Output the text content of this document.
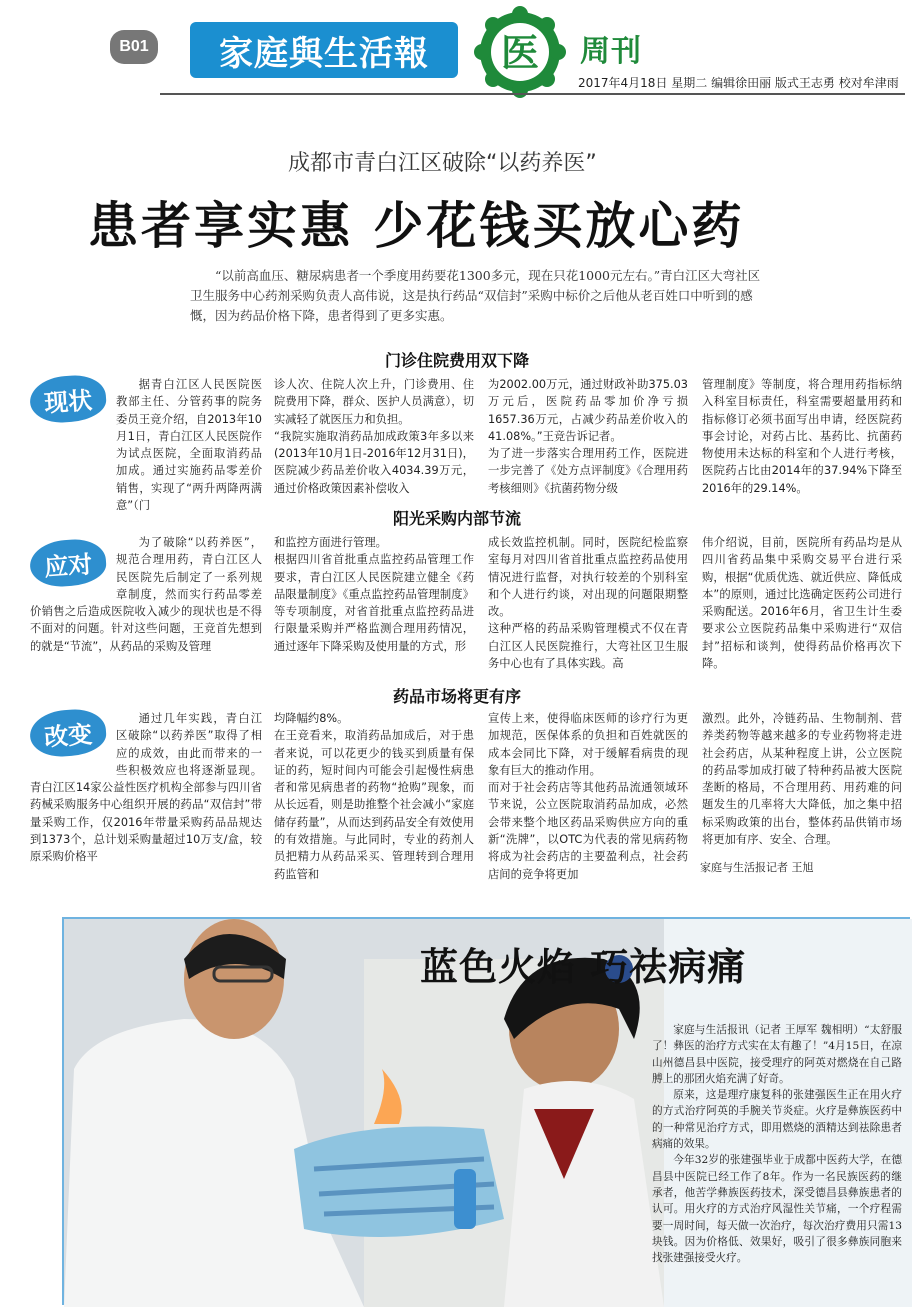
B01	家庭與生活報	医 周刊
2017年4月18日 星期二 编辑徐田丽 版式王志勇 校对牟津雨
成都市青白江区破除“以药养医”
患者享实惠 少花钱买放心药
“以前高血压、糖尿病患者一个季度用药要花1300多元，现在只花1000元左右。”青白江区大弯社区卫生服务中心药剂采购负责人高伟说，这是执行药品“双信封”采购中标价之后他从老百姓口中听到的感慨，因为药品价格下降，患者得到了更多实惠。
门诊住院费用双下降
现状
据青白江区人民医院医教部主任、分管药事的院务委员王竞介绍，自2013年10月1日，青白江区人民医院作为试点医院，全面取消药品加成。通过实施药品零差价销售，实现了“两升两降两满意”（门
诊人次、住院人次上升，门诊费用、住院费用下降，群众、医护人员满意），切实减轻了就医压力和负担。
“我院实施取消药品加成政策3年多以来(2013年10月1日-2016年12月31日)，医院减少药品差价收入4034.39万元，通过价格政策因素补偿收入
为2002.00万元，通过财政补助375.03万元后，医院药品零加价净亏损1657.36万元，占减少药品差价收入的41.08%。”王竞告诉记者。
为了进一步落实合理用药工作，医院进一步完善了《处方点评制度》《合理用药考核细则》《抗菌药物分级
管理制度》等制度，将合理用药指标纳入科室目标责任，科室需要超量用药和指标修订必须书面写出申请，经医院药事会讨论，对药占比、基药比、抗菌药物使用未达标的科室和个人进行考核，医院药占比由2014年的37.94%下降至2016年的29.14%。
阳光采购内部节流
应对
为了破除“以药养医”，规范合理用药，青白江区人民医院先后制定了一系列规章制度，然而实行药品零差价销售之后造成医院收入减少的现状也是不得不面对的问题。针对这些问题，王竞首先想到的就是“节流”，从药品的采购及管理
和监控方面进行管理。
根据四川省首批重点监控药品管理工作要求，青白江区人民医院建立健全《药品限量制度》《重点监控药品管理制度》等专项制度，对省首批重点监控药品进行限量采购并严格监测合理用药情况，通过逐年下降采购及使用量的方式，形
成长效监控机制。同时，医院纪检监察室每月对四川省首批重点监控药品使用情况进行监督，对执行较差的个别科室和个人进行约谈，对出现的问题限期整改。
这种严格的药品采购管理模式不仅在青白江区人民医院推行，大弯社区卫生服务中心也有了具体实践。高
伟介绍说，目前，医院所有药品均是从四川省药品集中采购交易平台进行采购，根据“优质优选、就近供应、降低成本”的原则，通过比选确定医药公司进行采购配送。2016年6月，省卫生计生委要求公立医院药品集中采购进行“双信封”招标和谈判，使得药品价格再次下降。
药品市场将更有序
改变
通过几年实践，青白江区破除“以药养医”取得了相应的成效，由此而带来的一些积极效应也将逐渐显现。青白江区14家公益性医疗机构全部参与四川省药械采购服务中心组织开展的药品“双信封”带量采购工作，仅2016年带量采购药品品规达到1373个，总计划采购量超过10万支/盒，较原采购价格平
均降幅约8%。
在王竞看来，取消药品加成后，对于患者来说，可以花更少的钱买到质量有保证的药，短时间内可能会引起慢性病患者和常见病患者的药物“抢购”现象，而从长远看，则是助推整个社会减小“家庭储存药量”，从而达到药品安全有效使用的有效措施。与此同时，专业的药剂人员把精力从药品采买、管理转到合理用药监管和
宣传上来，使得临床医师的诊疗行为更加规范，医保体系的负担和百姓就医的成本会同比下降，对于缓解看病贵的现象有巨大的推动作用。
而对于社会药店等其他药品流通领域环节来说，公立医院取消药品加成，必然会带来整个地区药品采购供应方向的重新“洗牌”，以OTC为代表的常见病药物将成为社会药店的主要盈利点，社会药店间的竞争将更加
激烈。此外，冷链药品、生物制剂、营养类药物等越来越多的专业药物将走进社会药店，从某种程度上讲，公立医院的药品零加成打破了特种药品被大医院垄断的格局，不合理用药、用药难的问题发生的几率将大大降低，加之集中招标采购政策的出台，整体药品供销市场将更加有序、安全、合理。
家庭与生活报记者 王旭
蓝色火焰 巧祛病痛

家庭与生活报讯（记者 王厚军 魏相明）“太舒服了！彝医的治疗方式实在太有趣了！”4月15日，在凉山州德昌县中医院，接受理疗的阿英对燃烧在自己路膊上的那团火焰充满了好奇。

原来，这是理疗康复科的张建强医生正在用火疗的方式治疗阿英的手腕关节炎症。火疗是彝族医药中的一种常见治疗方式，即用燃烧的酒精达到祛除患者病痛的效果。

今年32岁的张建强毕业于成都中医药大学，在德昌县中医院已经工作了8年。作为一名民族医药的继承者，他苦学彝族医药技术，深受德昌县彝族患者的认可。用火疗的方式治疗风湿性关节痛，一个疗程需要一周时间，每天做一次治疗，每次治疗费用只需13块钱。因为价格低、效果好，吸引了很多彝族同胞来找张建强接受火疗。
